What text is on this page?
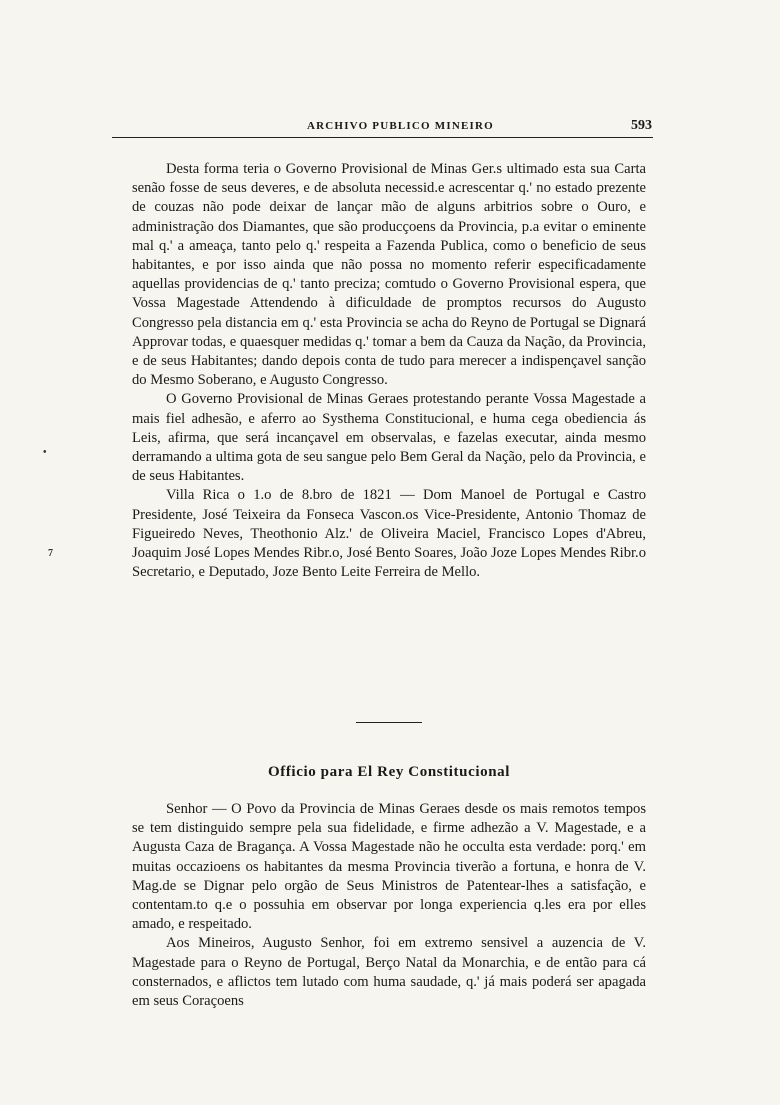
ARCHIVO PUBLICO MINEIRO	593
•
7

Desta forma teria o Governo Provisional de Minas Ger.s ultimado esta sua Carta senão fosse de seus deveres, e de absoluta necessid.e acrescentar q.' no estado prezente de couzas não pode deixar de lançar mão de alguns arbitrios sobre o Ouro, e administração dos Diamantes, que são producçoens da Provincia, p.a evitar o eminente mal q.' a ameaça, tanto pelo q.' respeita a Fazenda Publica, como o beneficio de seus habitantes, e por isso ainda que não possa no momento referir especificadamente aquellas providencias de q.' tanto preciza; comtudo o Governo Provisional espera, que Vossa Magestade Attendendo à dificuldade de promptos recursos do Augusto Congresso pela distancia em q.' esta Provincia se acha do Reyno de Portugal se Dignará Approvar todas, e quaesquer medidas q.' tomar a bem da Cauza da Nação, da Provincia, e de seus Habitantes; dando depois conta de tudo para merecer a indispençavel sanção do Mesmo Soberano, e Augusto Congresso.

O Governo Provisional de Minas Geraes protestando perante Vossa Magestade a mais fiel adhesão, e aferro ao Systhema Constitucional, e huma cega obediencia ás Leis, afirma, que será incançavel em observalas, e fazelas executar, ainda mesmo derramando a ultima gota de seu sangue pelo Bem Geral da Nação, pelo da Provincia, e de seus Habitantes.

Villa Rica o 1.o de 8.bro de 1821 — Dom Manoel de Portugal e Castro Presidente, José Teixeira da Fonseca Vascon.os Vice-Presidente, Antonio Thomaz de Figueiredo Neves, Theothonio Alz.' de Oliveira Maciel, Francisco Lopes d'Abreu, Joaquim José Lopes Mendes Ribr.o, José Bento Soares, João Joze Lopes Mendes Ribr.o Secretario, e Deputado, Joze Bento Leite Ferreira de Mello.

Officio para El Rey Constitucional

Senhor — O Povo da Provincia de Minas Geraes desde os mais remotos tempos se tem distinguido sempre pela sua fidelidade, e firme adhezão a V. Magestade, e a Augusta Caza de Bragança. A Vossa Magestade não he occulta esta verdade: porq.' em muitas occazioens os habitantes da mesma Provincia tiverão a fortuna, e honra de V. Mag.de se Dignar pelo orgão de Seus Ministros de Patentear-lhes a satisfação, e contentam.to q.e o possuhia em observar por longa experiencia q.les era por elles amado, e respeitado.

Aos Mineiros, Augusto Senhor, foi em extremo sensivel a auzencia de V. Magestade para o Reyno de Portugal, Berço Natal da Monarchia, e de então para cá consternados, e aflictos tem lutado com huma saudade, q.' já mais poderá ser apagada em seus Coraçoens
